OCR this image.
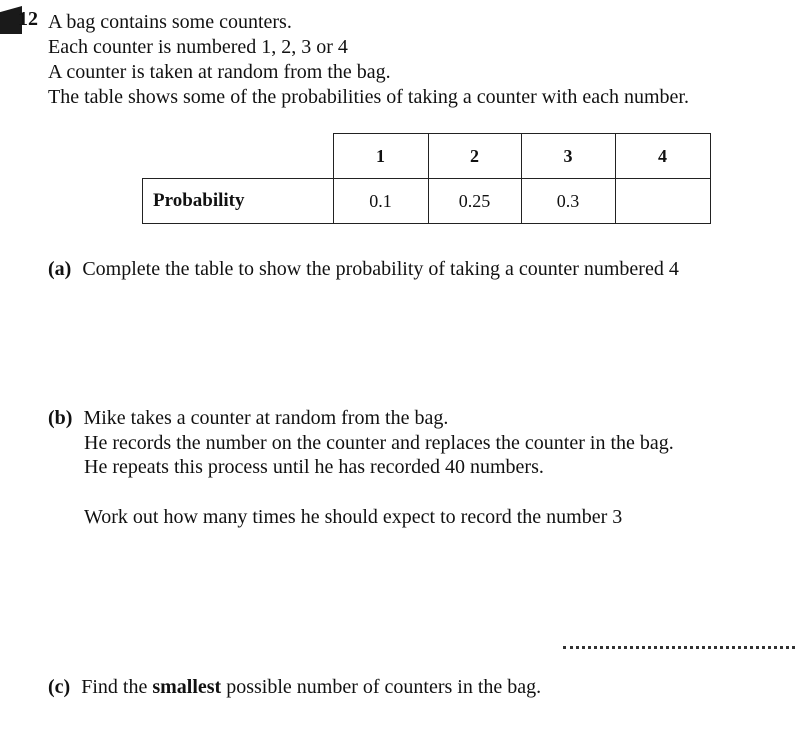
12 A bag contains some counters.
Each counter is numbered 1, 2, 3 or 4
A counter is taken at random from the bag.
The table shows some of the probabilities of taking a counter with each number.
	1	2	3	4
Probability	0.1	0.25	0.3	
(a) Complete the table to show the probability of taking a counter numbered 4
(b) Mike takes a counter at random from the bag.
He records the number on the counter and replaces the counter in the bag.
He repeats this process until he has recorded 40 numbers.
Work out how many times he should expect to record the number 3
(c) Find the smallest possible number of counters in the bag.
